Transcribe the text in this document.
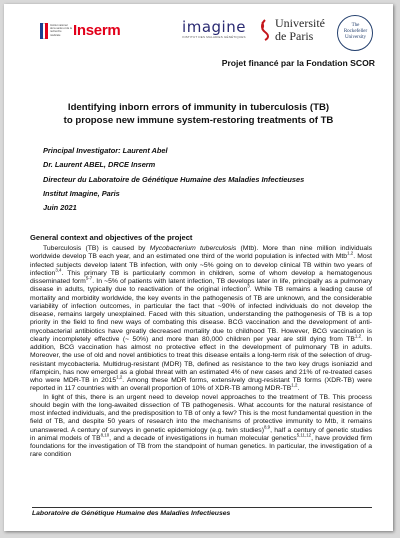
Institut national
de la santé et de la
recherche médicale Inserm	imagine
INSTITUT DES MALADIES GÉNÉTIQUES
Université
de Paris
The
Rockefeller
University
Projet financé par la Fondation SCOR
Identifying inborn errors of immunity in tuberculosis (TB)
to propose new immune system-restoring treatments of TB
Principal Investigator: Laurent Abel
Dr. Laurent ABEL, DRCE Inserm
Directeur du Laboratoire de Génétique Humaine des Maladies Infectieuses
Institut Imagine, Paris
Juin 2021
General context and objectives of the project

Tuberculosis (TB) is caused by Mycobacterium tuberculosis (Mtb). More than nine million individuals worldwide develop TB each year, and an estimated one third of the world population is infected with Mtb$^{1,2}$. Most infected subjects develop latent TB infection, with only ~5% going on to develop clinical TB within two years of infection$^{3,4}$. This primary TB is particularly common in children, some of whom develop a hematogenous disseminated form$^{5-7}$. In ~5% of patients with latent infection, TB develops later in life, principally as a pulmonary disease in adults, typically due to reactivation of the original infection$^3$. While TB remains a leading cause of mortality and morbidity worldwide, the key events in the pathogenesis of TB are unknown, and the considerable variability of infection outcomes, in particular the fact that ~90% of infected individuals do not develop the disease, remains largely unexplained. Faced with this situation, understanding the pathogenesis of TB is a top priority in the field to find new ways of combating this disease. BCG vaccination and the development of anti-mycobacterial antibiotics have greatly decreased mortality due to childhood TB. However, BCG vaccination is clearly incompletely effective (~ 50%) and more than 80,000 children per year are still dying from TB$^{1,2}$. In addition, BCG vaccination has almost no protective effect in the development of pulmonary TB in adults. Moreover, the use of old and novel antibiotics to treat this disease entails a long-term risk of the selection of drug-resistant mycobacteria. Multidrug-resistant (MDR) TB, defined as resistance to the two key drugs isoniazid and rifampicin, has now emerged as a global threat with an estimated 4% of new cases and 21% of re-treated cases who were MDR-TB in 2015$^{1,2}$. Among these MDR forms, extensively drug-resistant TB forms (XDR-TB) were reported in 117 countries with an overall proportion of 10% of XDR-TB among MDR-TB$^{1,2}$.

In light of this, there is an urgent need to develop novel approaches to the treatment of TB. This process should begin with the long-awaited dissection of TB pathogenesis. What accounts for the natural resistance of most infected individuals, and the predisposition to TB of only a few? This is the most fundamental question in the field of TB, and despite 50 years of research into the mechanisms of protective immunity to Mtb, it remains unanswered. A century of surveys in genetic epidemiology (e.g. twin studies)$^{8,9}$, half a century of genetic studies in animal models of TB$^{8,10}$, and a decade of investigations in human molecular genetics$^{5,11,12}$, have provided firm foundations for the investigation of TB from the standpoint of human genetics. In particular, the investigation of a rare condition

Laboratoire de Génétique Humaine des Maladies Infectieuses
